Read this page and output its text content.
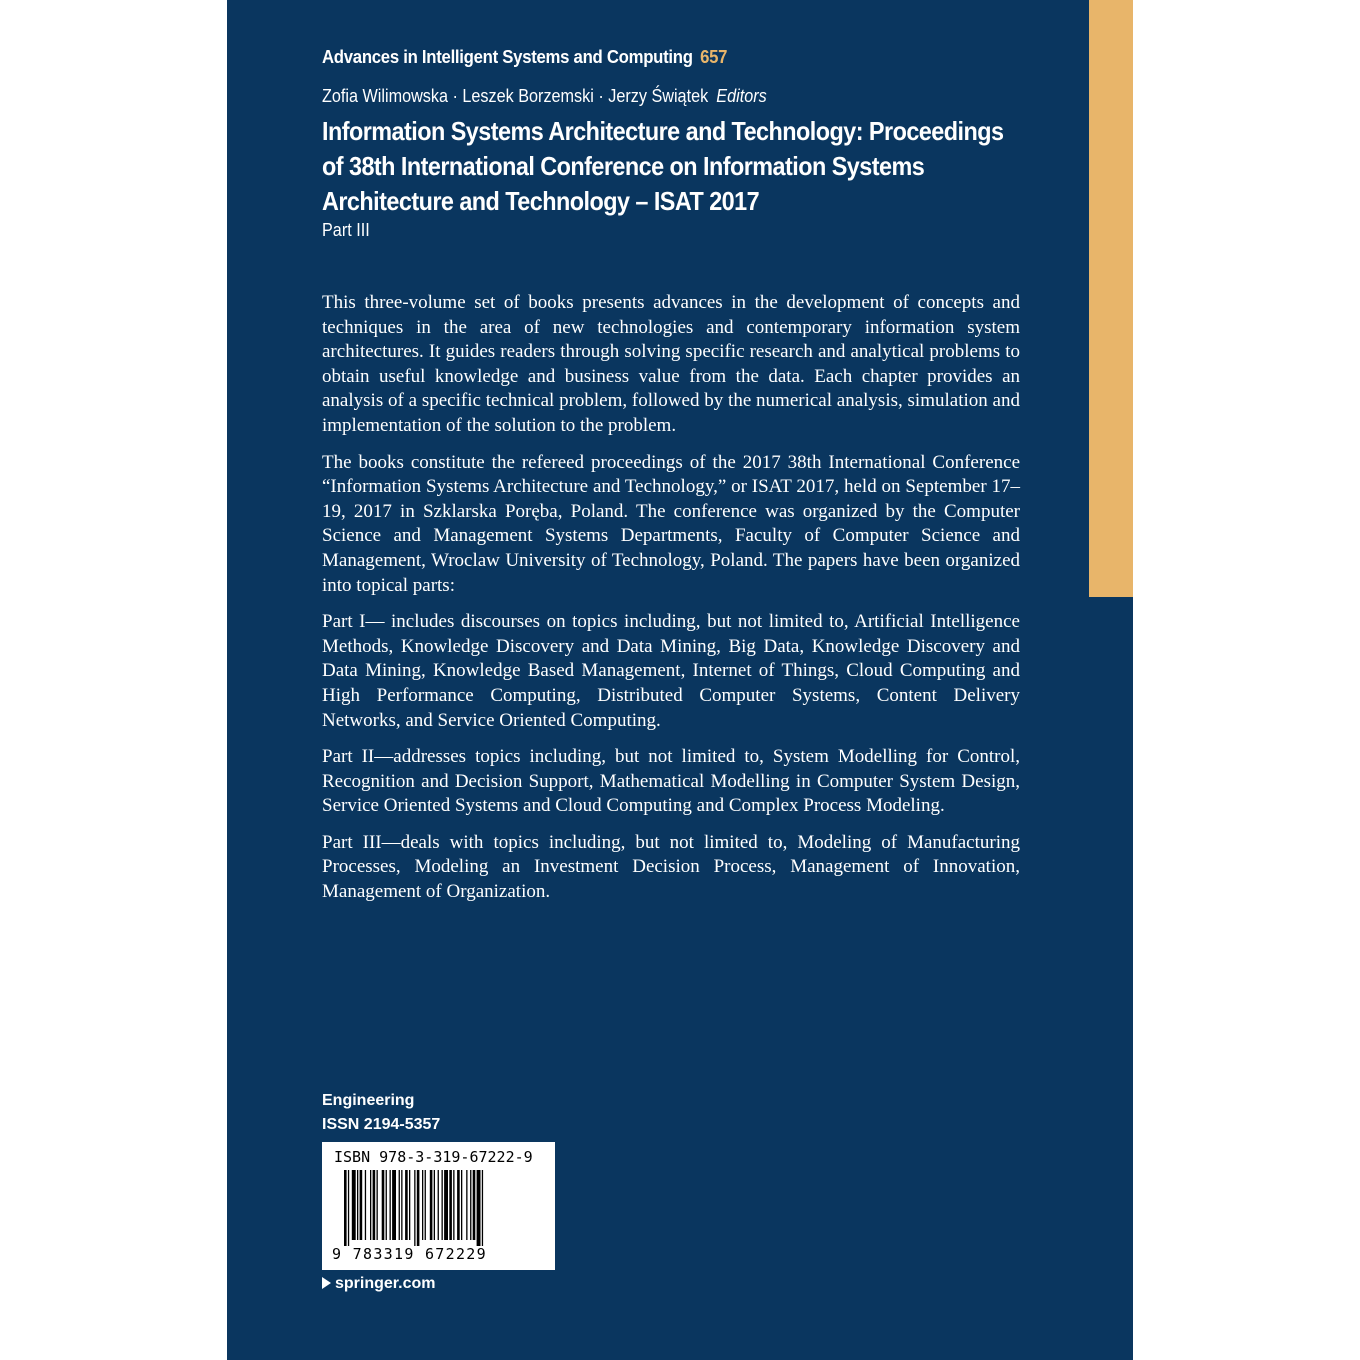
Advances in Intelligent Systems and Computing 657
Zofia Wilimowska · Leszek Borzemski · Jerzy Świątek Editors
Information Systems Architecture and Technology: Proceedings of 38th International Conference on Information Systems Architecture and Technology – ISAT 2017
Part III

This three-volume set of books presents advances in the development of concepts and techniques in the area of new technologies and contemporary information system architectures. It guides readers through solving specific research and analytical problems to obtain useful knowledge and business value from the data. Each chapter provides an analysis of a specific technical problem, followed by the numerical analysis, simulation and implementation of the solution to the problem.

The books constitute the refereed proceedings of the 2017 38th International Conference “Information Systems Architecture and Technology,” or ISAT 2017, held on September 17–19, 2017 in Szklarska Poręba, Poland. The conference was organized by the Computer Science and Management Systems Departments, Faculty of Computer Science and Management, Wroclaw University of Technology, Poland. The papers have been organized into topical parts:

Part I— includes discourses on topics including, but not limited to, Artificial Intelligence Methods, Knowledge Discovery and Data Mining, Big Data, Knowledge Discovery and Data Mining, Knowledge Based Management, Internet of Things, Cloud Computing and High Performance Computing, Distributed Computer Systems, Content Delivery Networks, and Service Oriented Computing.

Part II—addresses topics including, but not limited to, System Modelling for Control, Recognition and Decision Support, Mathematical Modelling in Computer System Design, Service Oriented Systems and Cloud Computing and Complex Process Modeling.

Part III—deals with topics including, but not limited to, Modeling of Manufacturing Processes, Modeling an Investment Decision Process, Management of Innovation, Management of Organization.

Engineering
ISSN 2194-5357
ISBN 978-3-319-67222-9
9 783319 672229
springer.com
